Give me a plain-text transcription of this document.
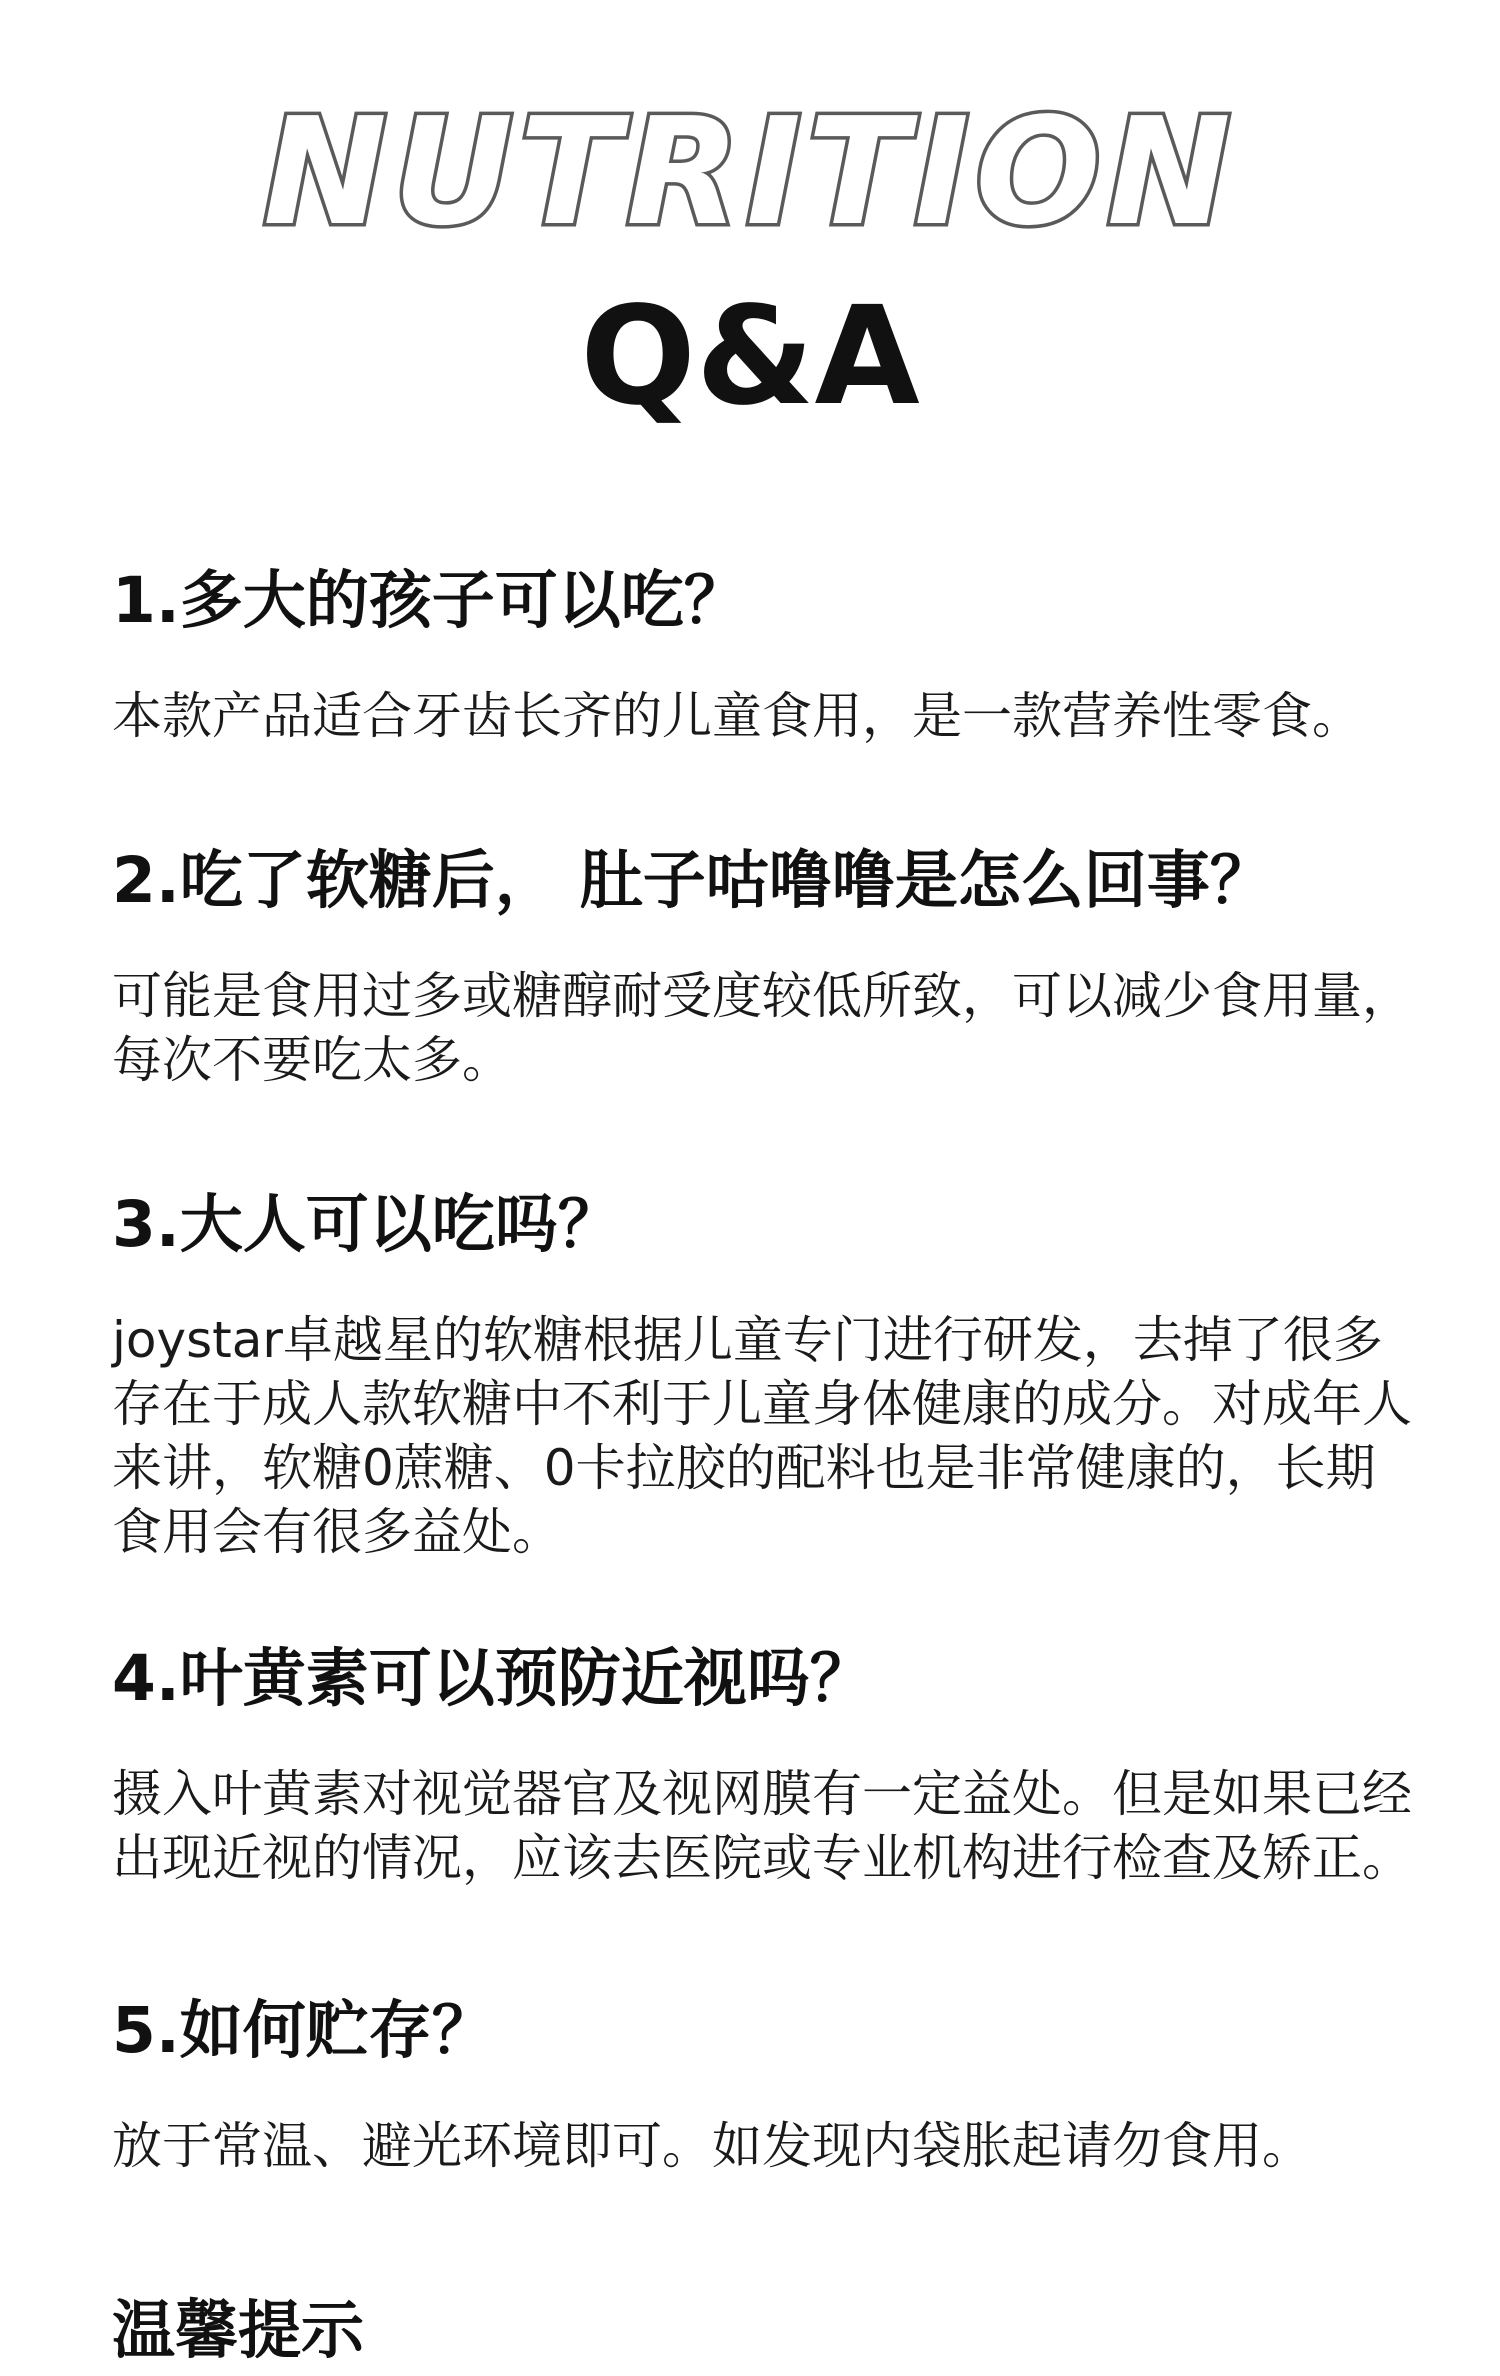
NUTRITION
Q&A
1.多大的孩子可以吃？
本款产品适合牙齿长齐的儿童食用，是一款营养性零食。
2.吃了软糖后， 肚子咕噜噜是怎么回事？
可能是食用过多或糖醇耐受度较低所致，可以减少食用量，每次不要吃太多。
3.大人可以吃吗？
joystar卓越星的软糖根据儿童专门进行研发，去掉了很多存在于成人款软糖中不利于儿童身体健康的成分。对成年人来讲，软糖0蔗糖、0卡拉胶的配料也是非常健康的，长期食用会有很多益处。
4.叶黄素可以预防近视吗？
摄入叶黄素对视觉器官及视网膜有一定益处。但是如果已经出现近视的情况，应该去医院或专业机构进行检查及矫正。
5.如何贮存？
放于常温、避光环境即可。如发现内袋胀起请勿食用。
温馨提示
